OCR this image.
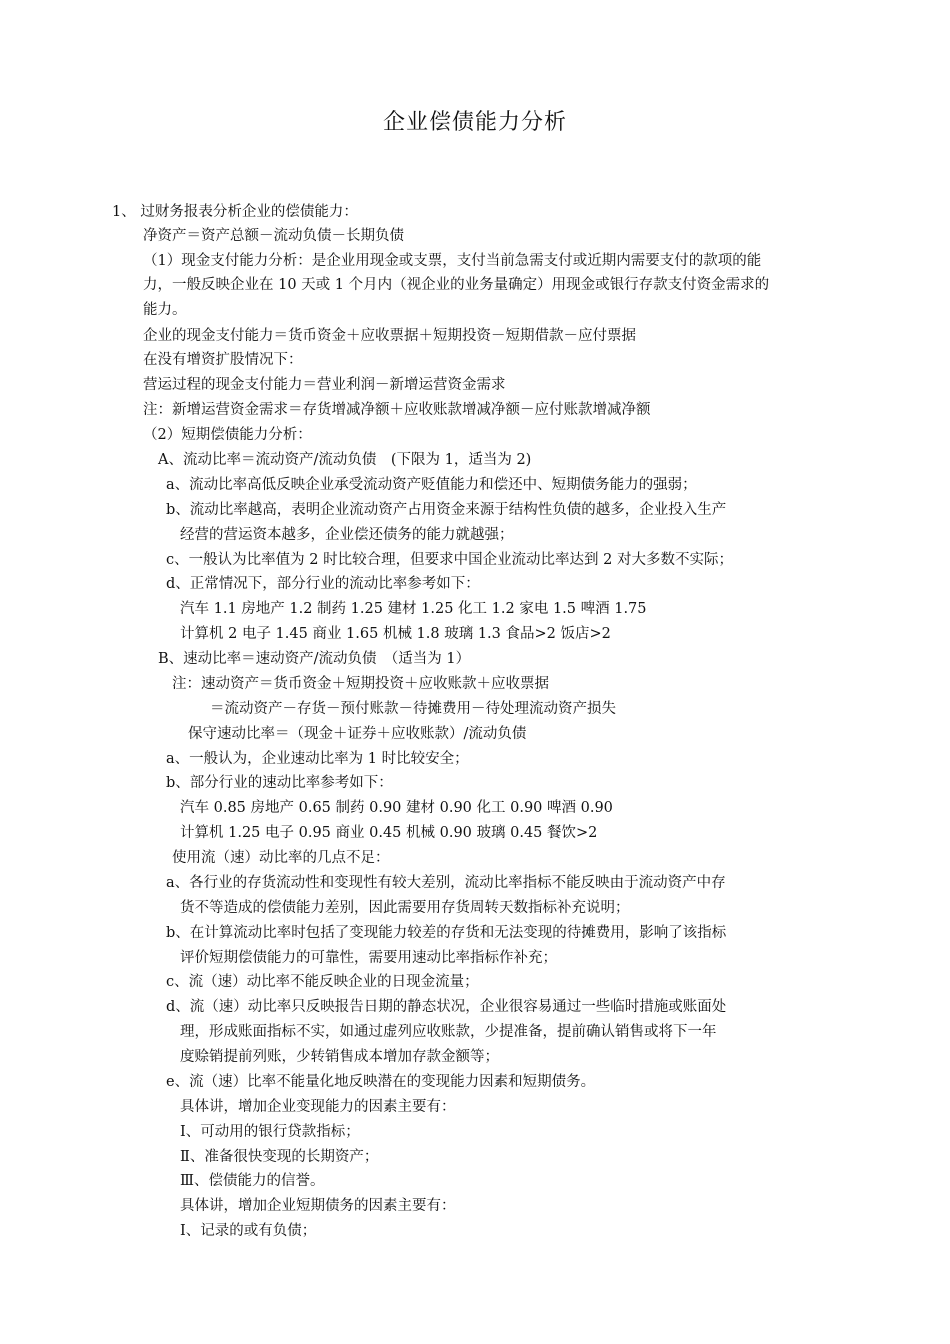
企业偿债能力分析
1、 过财务报表分析企业的偿债能力：
净资产＝资产总额－流动负债－长期负债
（1）现金支付能力分析：是企业用现金或支票，支付当前急需支付或近期内需要支付的款项的能
力，一般反映企业在 10 天或 1 个月内（视企业的业务量确定）用现金或银行存款支付资金需求的
能力。
企业的现金支付能力＝货币资金＋应收票据＋短期投资－短期借款－应付票据
在没有增资扩股情况下：
营运过程的现金支付能力＝营业利润－新增运营资金需求
注：新增运营资金需求＝存货增减净额＋应收账款增减净额－应付账款增减净额
（2）短期偿债能力分析：
A、流动比率＝流动资产/流动负债　(下限为 1，适当为 2)
a、流动比率高低反映企业承受流动资产贬值能力和偿还中、短期债务能力的强弱；
b、流动比率越高，表明企业流动资产占用资金来源于结构性负债的越多，企业投入生产
经营的营运资本越多，企业偿还债务的能力就越强；
c、一般认为比率值为 2 时比较合理，但要求中国企业流动比率达到 2 对大多数不实际；
d、正常情况下，部分行业的流动比率参考如下：
汽车 1.1 房地产 1.2 制药 1.25 建材 1.25 化工 1.2 家电 1.5 啤酒 1.75
计算机 2 电子 1.45 商业 1.65 机械 1.8 玻璃 1.3 食品>2 饭店>2
B、速动比率＝速动资产/流动负债　（适当为 1）
注：速动资产＝货币资金＋短期投资＋应收账款＋应收票据
＝流动资产－存货－预付账款－待摊费用－待处理流动资产损失
保守速动比率＝（现金＋证券＋应收账款）/流动负债
a、一般认为，企业速动比率为 1 时比较安全；
b、部分行业的速动比率参考如下：
汽车 0.85 房地产 0.65 制药 0.90 建材 0.90 化工 0.90 啤酒 0.90
计算机 1.25 电子 0.95 商业 0.45 机械 0.90 玻璃 0.45 餐饮>2
使用流（速）动比率的几点不足：
a、各行业的存货流动性和变现性有较大差别，流动比率指标不能反映由于流动资产中存
货不等造成的偿债能力差别，因此需要用存货周转天数指标补充说明；
b、在计算流动比率时包括了变现能力较差的存货和无法变现的待摊费用，影响了该指标
评价短期偿债能力的可靠性，需要用速动比率指标作补充；
c、流（速）动比率不能反映企业的日现金流量；
d、流（速）动比率只反映报告日期的静态状况，企业很容易通过一些临时措施或账面处
理，形成账面指标不实，如通过虚列应收账款，少提准备，提前确认销售或将下一年
度赊销提前列账，少转销售成本增加存款金额等；
e、流（速）比率不能量化地反映潜在的变现能力因素和短期债务。
具体讲，增加企业变现能力的因素主要有：
Ⅰ、可动用的银行贷款指标；
Ⅱ、准备很快变现的长期资产；
Ⅲ、偿债能力的信誉。
具体讲，增加企业短期债务的因素主要有：
Ⅰ、记录的或有负债；
